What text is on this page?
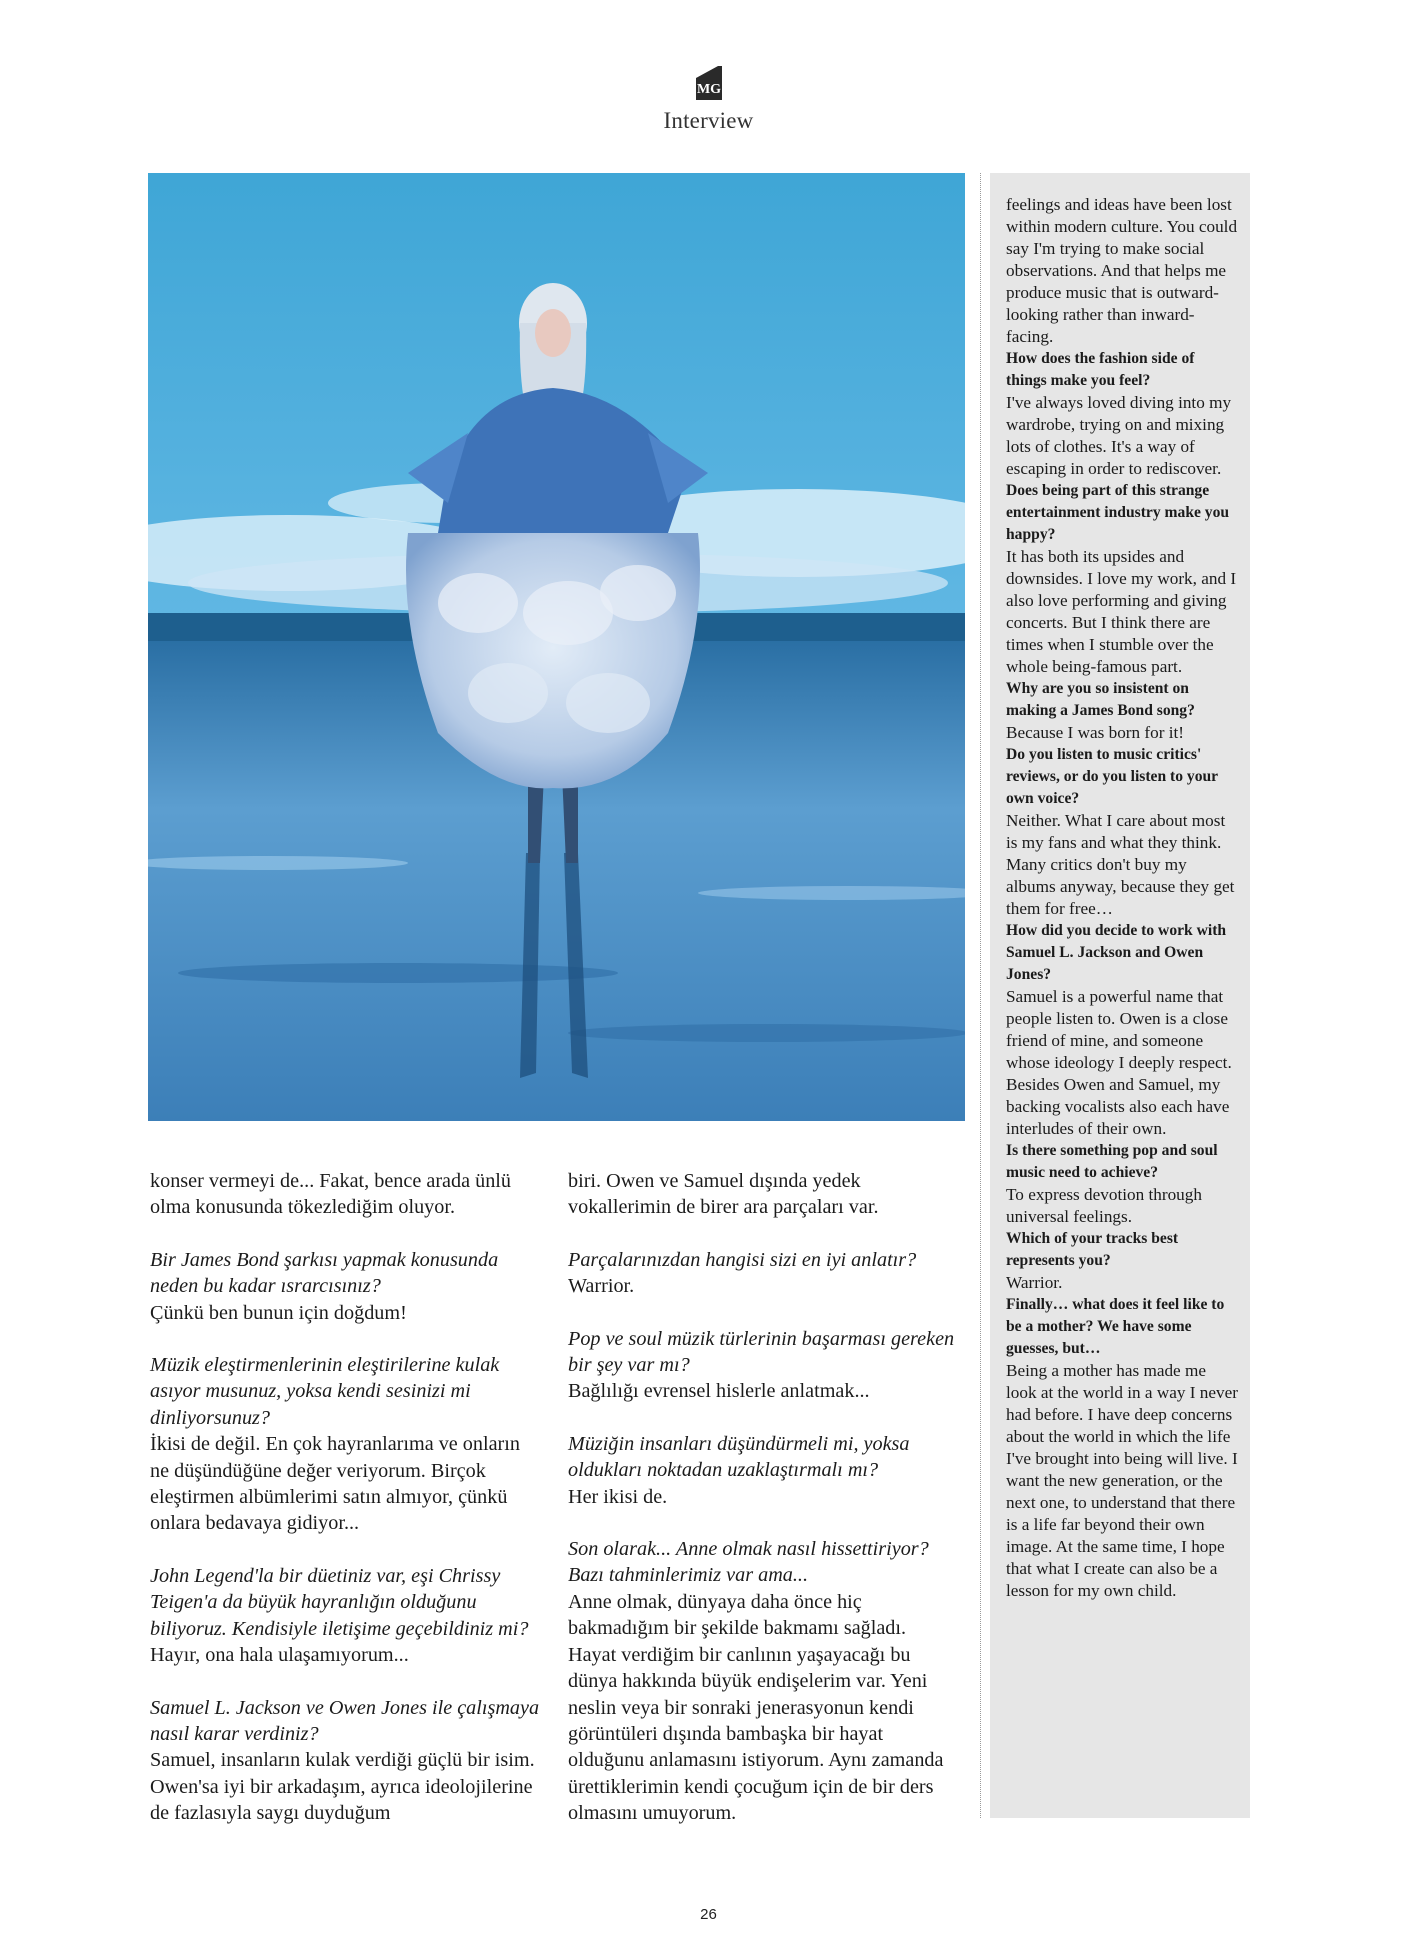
MG
Interview

konser vermeyi de... Fakat, bence arada ünlü olma konusunda tökezlediğim oluyor.

Bir James Bond şarkısı yapmak konusunda neden bu kadar ısrarcısınız?

Çünkü ben bunun için doğdum!

Müzik eleştirmenlerinin eleştirilerine kulak asıyor musunuz, yoksa kendi sesinizi mi dinliyorsunuz?

İkisi de değil. En çok hayranlarıma ve onların ne düşündüğüne değer veriyorum. Birçok eleştirmen albümlerimi satın almıyor, çünkü onlara bedavaya gidiyor...

John Legend'la bir düetiniz var, eşi Chrissy Teigen'a da büyük hayranlığın olduğunu biliyoruz. Kendisiyle iletişime geçebildiniz mi?

Hayır, ona hala ulaşamıyorum...

Samuel L. Jackson ve Owen Jones ile çalışmaya nasıl karar verdiniz?

Samuel, insanların kulak verdiği güçlü bir isim. Owen'sa iyi bir arkadaşım, ayrıca ideolojilerine de fazlasıyla saygı duyduğum

biri. Owen ve Samuel dışında yedek vokallerimin de birer ara parçaları var.

Parçalarınızdan hangisi sizi en iyi anlatır?

Warrior.

Pop ve soul müzik türlerinin başarması gereken bir şey var mı?

Bağlılığı evrensel hislerle anlatmak...

Müziğin insanları düşündürmeli mi, yoksa oldukları noktadan uzaklaştırmalı mı?

Her ikisi de.

Son olarak... Anne olmak nasıl hissettiriyor? Bazı tahminlerimiz var ama...

Anne olmak, dünyaya daha önce hiç bakmadığım bir şekilde bakmamı sağladı. Hayat verdiğim bir canlının yaşayacağı bu dünya hakkında büyük endişelerim var. Yeni neslin veya bir sonraki jenerasyonun kendi görüntüleri dışında bambaşka bir hayat olduğunu anlamasını istiyorum. Aynı zamanda ürettiklerimin kendi çocuğum için de bir ders olmasını umuyorum.

feelings and ideas have been lost within modern culture. You could say I'm trying to make social observations. And that helps me produce music that is outward-looking rather than inward-facing.

How does the fashion side of things make you feel?

I've always loved diving into my wardrobe, trying on and mixing lots of clothes. It's a way of escaping in order to rediscover.

Does being part of this strange entertainment industry make you happy?

It has both its upsides and downsides. I love my work, and I also love performing and giving concerts. But I think there are times when I stumble over the whole being-famous part.

Why are you so insistent on making a James Bond song?

Because I was born for it!

Do you listen to music critics' reviews, or do you listen to your own voice?

Neither. What I care about most is my fans and what they think. Many critics don't buy my albums anyway, because they get them for free…

How did you decide to work with Samuel L. Jackson and Owen Jones?

Samuel is a powerful name that people listen to. Owen is a close friend of mine, and someone whose ideology I deeply respect. Besides Owen and Samuel, my backing vocalists also each have interludes of their own.

Is there something pop and soul music need to achieve?

To express devotion through universal feelings.

Which of your tracks best represents you?

Warrior.

Finally… what does it feel like to be a mother? We have some guesses, but…

Being a mother has made me look at the world in a way I never had before. I have deep concerns about the world in which the life I've brought into being will live. I want the new generation, or the next one, to understand that there is a life far beyond their own image. At the same time, I hope that what I create can also be a lesson for my own child.

26
